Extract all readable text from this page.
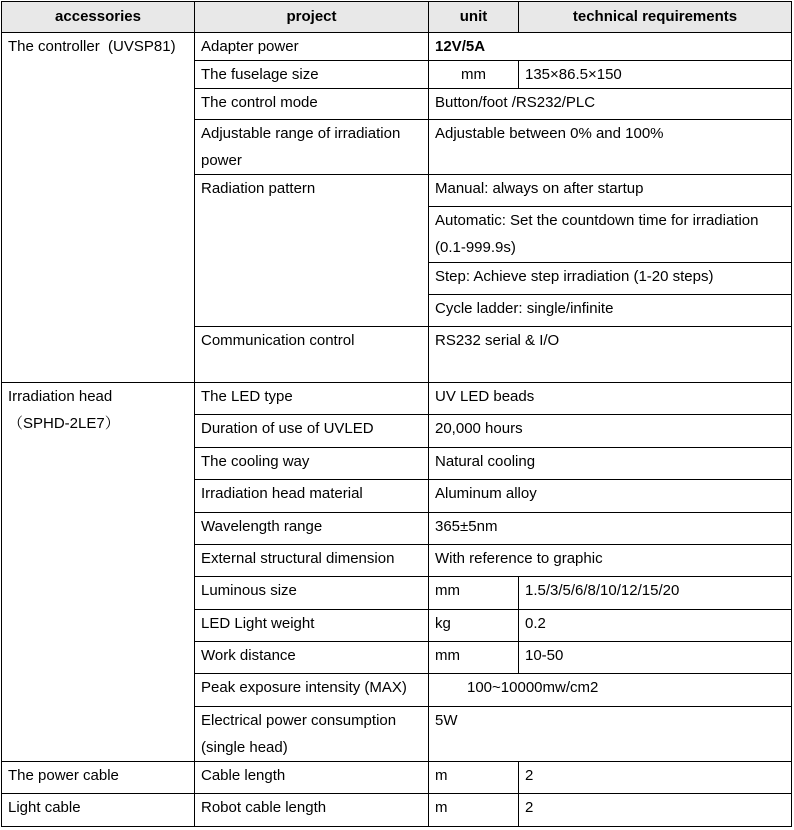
accessories	project	unit	technical requirements
The controller  (UVSP81)	Adapter power	12V/5A	
	The fuselage size	mm	135×86.5×150
	The control mode	Button/foot /RS232/PLC	
	Adjustable range of irradiation power	Adjustable between 0% and 100%	
	Radiation pattern	Manual: always on after startup	
		Automatic: Set the countdown time for irradiation (0.1-999.9s)	
		Step: Achieve step irradiation (1-20 steps)	
		Cycle ladder: single/infinite	
	Communication control	RS232 serial & I/O	

Irradiation head
（SPHD-2LE7）	The LED type	UV LED beads	
	Duration of use of UVLED	20,000 hours	
	The cooling way	Natural cooling	
	Irradiation head material	Aluminum alloy	
	Wavelength range	365±5nm	
	External structural dimension	With reference to graphic	
	Luminous size	mm	1.5/3/5/6/8/10/12/15/20
	LED Light weight	kg	0.2
	Work distance	mm	10-50
	Peak exposure intensity (MAX)	100~10000mw/cm2	
	Electrical power consumption (single head)	5W	
The power cable	Cable length	m	2
Light cable	Robot cable length	m	2
